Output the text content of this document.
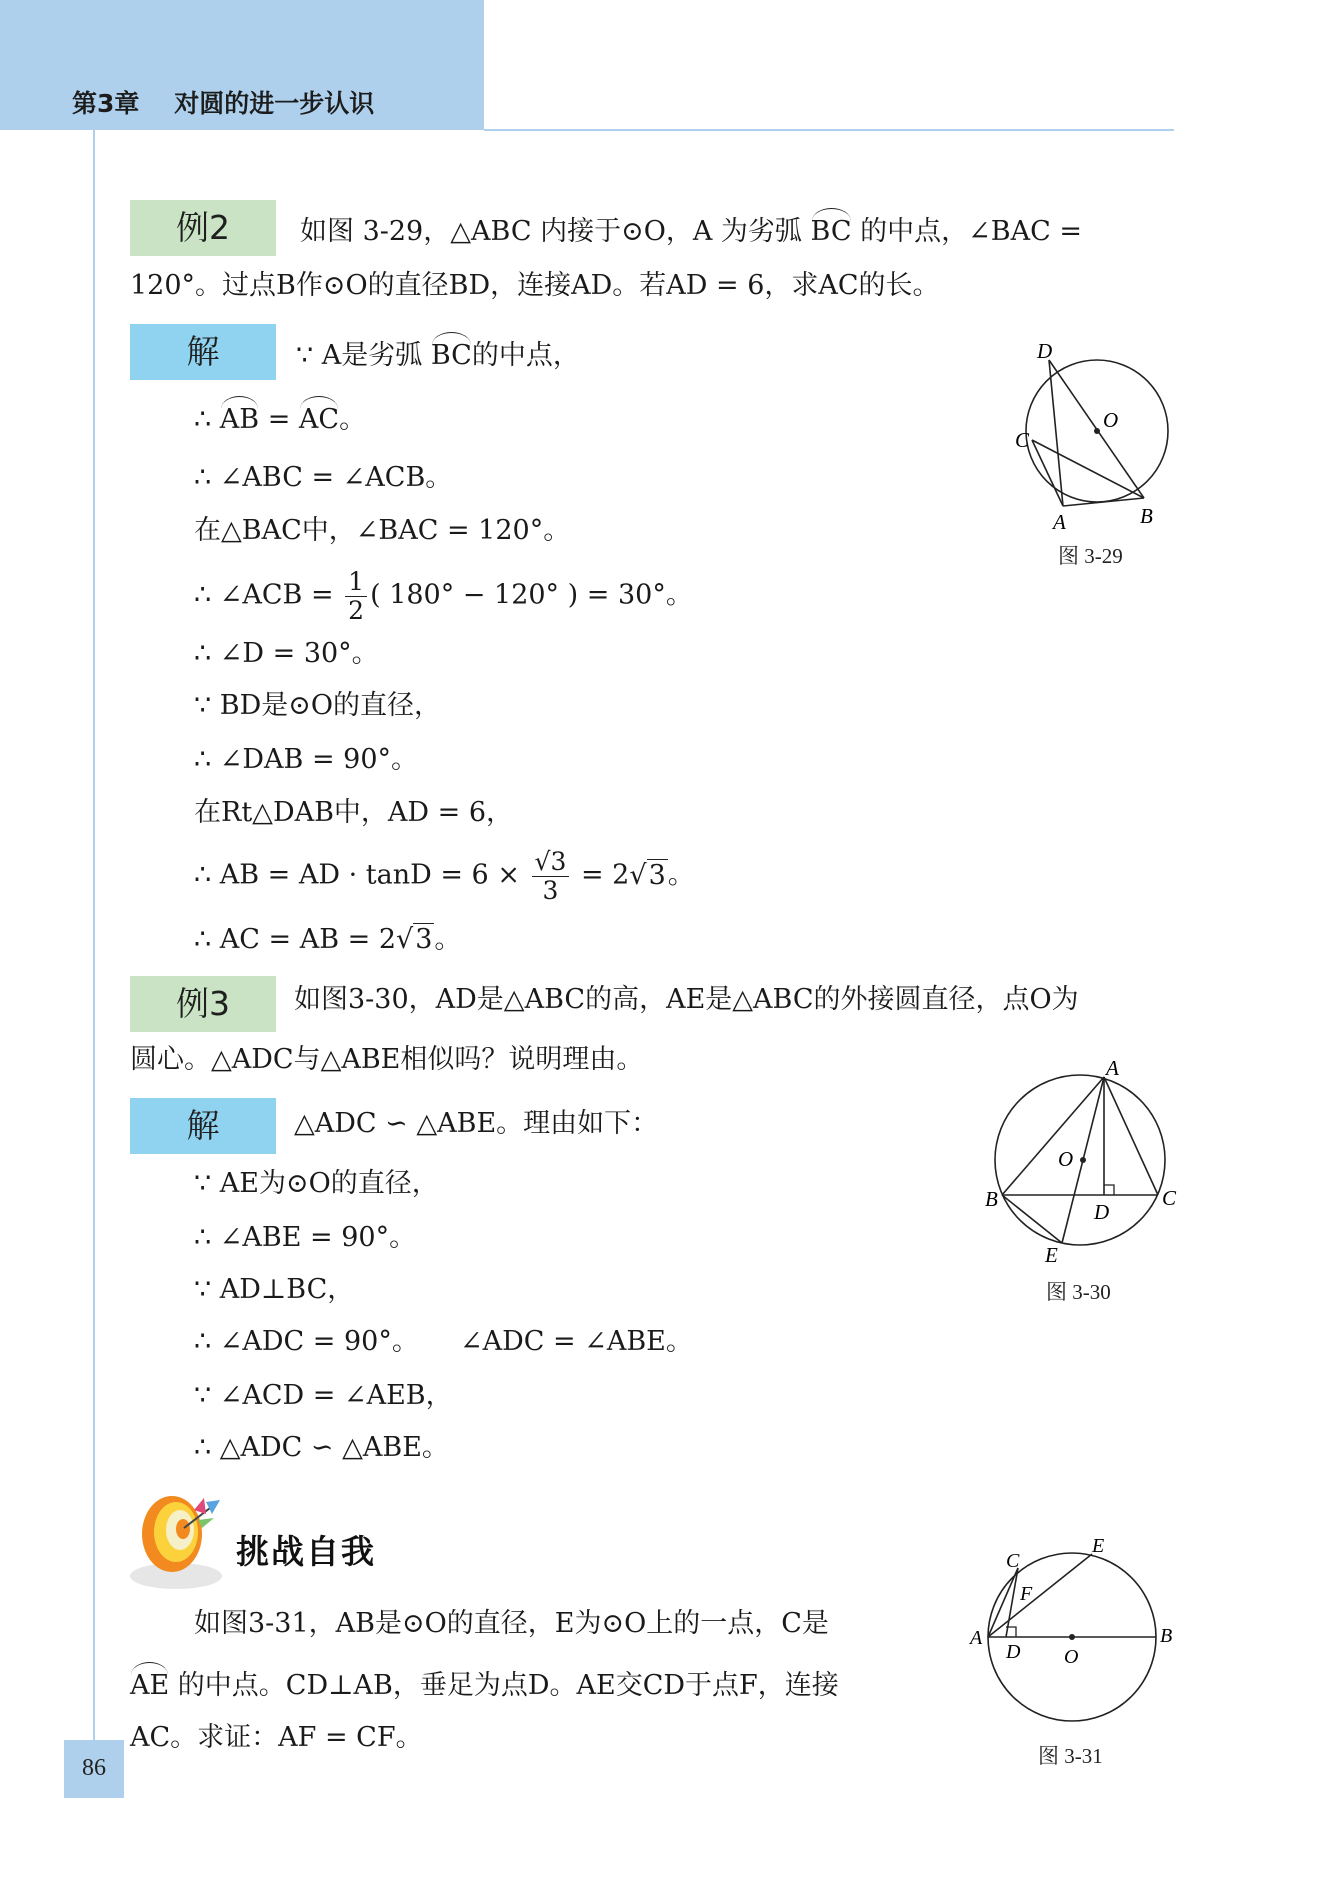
第3章    对圆的进一步认识
例2	如图 3-29，△ABC 内接于⊙O，A 为劣弧 BC 的中点，∠BAC =
120°。过点B作⊙O的直径BD，连接AD。若AD = 6，求AC的长。
解	∵ A是劣弧 BC的中点，
∴ AB = AC。
∴ ∠ABC = ∠ACB。
在△BAC中，∠BAC = 120°。
∴ ∠ACB = $\frac{1}{2}$ ( 180° − 120° ) = 30°。
∴ ∠D = 30°。
∵ BD是⊙O的直径，
∴ ∠DAB = 90°。
在Rt△DAB中，AD = 6，
∴ AB = AD · $\tan D = 6 \times \frac{√3}{3} = 2√3$。
∴ AC = AB = 2√3。
D
O
C
B
A
图 3-29
例3	如图3-30，AD是△ABC的高，AE是△ABC的外接圆直径，点O为
圆心。△ADC与△ABE相似吗？说明理由。
解	△ADC ∽ △ABE。理由如下：
∵ AE为⊙O的直径，
∴ ∠ABE = 90°。
∵ AD⊥BC，
∴ ∠ADC = 90°。 ∠ADC = ∠ABE。
∵ ∠ACD = ∠AEB，
∴ △ADC ∽ △ABE。
A
O
B
D
C
E
图 3-30
挑战自我
如图3-31，AB是⊙O的直径，E为⊙O上的一点，C是
AE 的中点。CD⊥AB，垂足为点D。AE交CD于点F，连接
AC。求证：AF = CF。
C
E
F
A
D O
B
图 3-31
86
